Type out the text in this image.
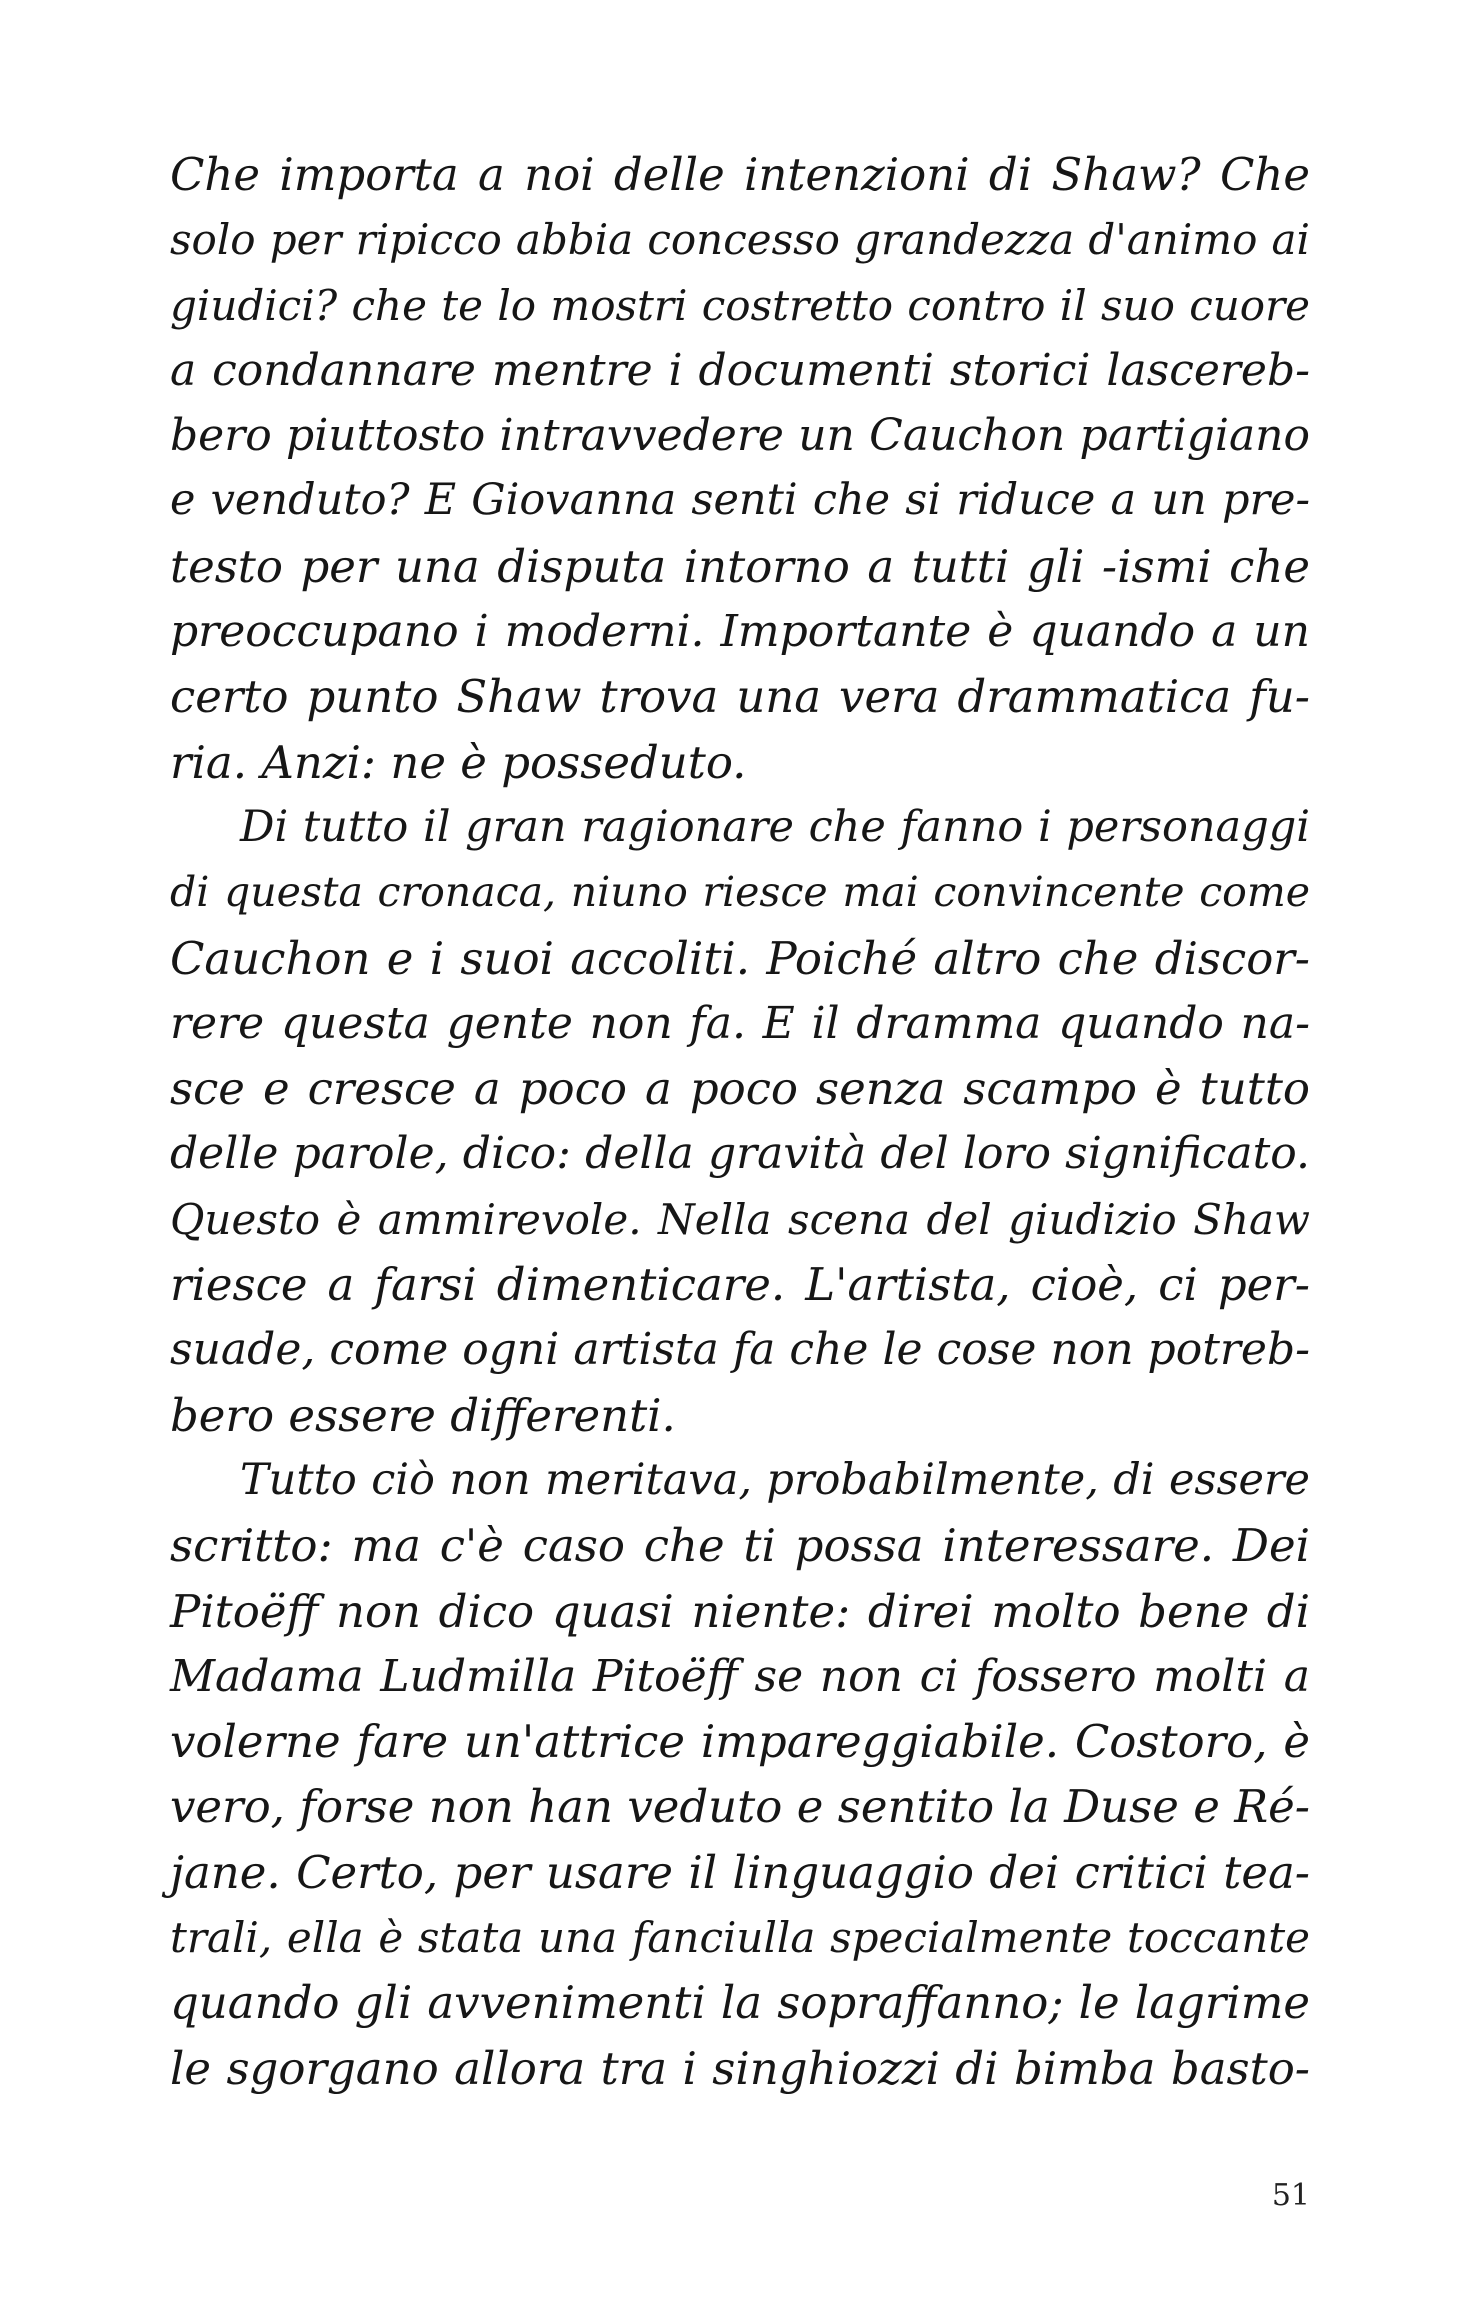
Che importa a noi delle intenzioni di Shaw? Che
solo per ripicco abbia concesso grandezza d'animo ai
giudici? che te lo mostri costretto contro il suo cuore
a condannare mentre i documenti storici lascereb-
bero piuttosto intravvedere un Cauchon partigiano
e venduto? E Giovanna senti che si riduce a un pre-
testo per una disputa intorno a tutti gli -ismi che
preoccupano i moderni. Importante è quando a un
certo punto Shaw trova una vera drammatica fu-
ria. Anzi: ne è posseduto.
Di tutto il gran ragionare che fanno i personaggi
di questa cronaca, niuno riesce mai convincente come
Cauchon e i suoi accoliti. Poiché altro che discor-
rere questa gente non fa. E il dramma quando na-
sce e cresce a poco a poco senza scampo è tutto
delle parole, dico: della gravità del loro significato.
Questo è ammirevole. Nella scena del giudizio Shaw
riesce a farsi dimenticare. L'artista, cioè, ci per-
suade, come ogni artista fa che le cose non potreb-
bero essere differenti.
Tutto ciò non meritava, probabilmente, di essere
scritto: ma c'è caso che ti possa interessare. Dei
Pitoëff non dico quasi niente: direi molto bene di
Madama Ludmilla Pitoëff se non ci fossero molti a
volerne fare un'attrice impareggiabile. Costoro, è
vero, forse non han veduto e sentito la Duse e Ré-
jane. Certo, per usare il linguaggio dei critici tea-
trali, ella è stata una fanciulla specialmente toccante
quando gli avvenimenti la sopraffanno; le lagrime
le sgorgano allora tra i singhiozzi di bimba basto-
51
